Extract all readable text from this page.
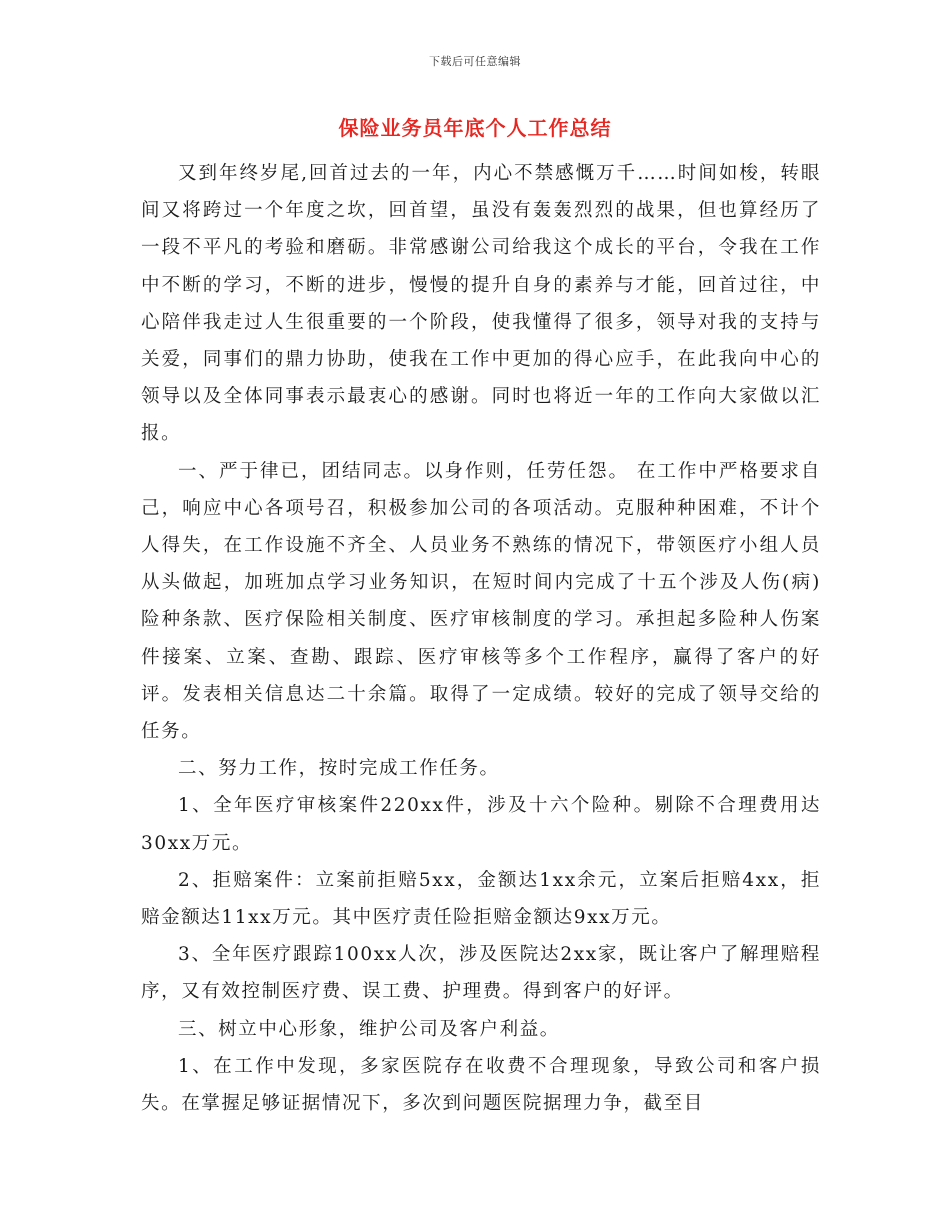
下载后可任意编辑
保险业务员年底个人工作总结

又到年终岁尾,回首过去的一年，内心不禁感慨万千……时间如梭，转眼间又将跨过一个年度之坎，回首望，虽没有轰轰烈烈的战果，但也算经历了一段不平凡的考验和磨砺。非常感谢公司给我这个成长的平台，令我在工作中不断的学习，不断的进步，慢慢的提升自身的素养与才能，回首过往，中心陪伴我走过人生很重要的一个阶段，使我懂得了很多，领导对我的支持与关爱，同事们的鼎力协助，使我在工作中更加的得心应手，在此我向中心的领导以及全体同事表示最衷心的感谢。同时也将近一年的工作向大家做以汇报。

一、严于律已，团结同志。以身作则，任劳任怨。 在工作中严格要求自己，响应中心各项号召，积极参加公司的各项活动。克服种种困难，不计个人得失，在工作设施不齐全、人员业务不熟练的情况下，带领医疗小组人员从头做起，加班加点学习业务知识，在短时间内完成了十五个涉及人伤(病)险种条款、医疗保险相关制度、医疗审核制度的学习。承担起多险种人伤案件接案、立案、查勘、跟踪、医疗审核等多个工作程序，赢得了客户的好评。发表相关信息达二十余篇。取得了一定成绩。较好的完成了领导交给的任务。

二、努力工作，按时完成工作任务。

1、全年医疗审核案件220xx件，涉及十六个险种。剔除不合理费用达30xx万元。

2、拒赔案件：立案前拒赔5xx，金额达1xx余元，立案后拒赔4xx，拒赔金额达11xx万元。其中医疗责任险拒赔金额达9xx万元。

3、全年医疗跟踪100xx人次，涉及医院达2xx家，既让客户了解理赔程序，又有效控制医疗费、误工费、护理费。得到客户的好评。

三、树立中心形象，维护公司及客户利益。

1、在工作中发现，多家医院存在收费不合理现象，导致公司和客户损失。在掌握足够证据情况下，多次到问题医院据理力争，截至目
